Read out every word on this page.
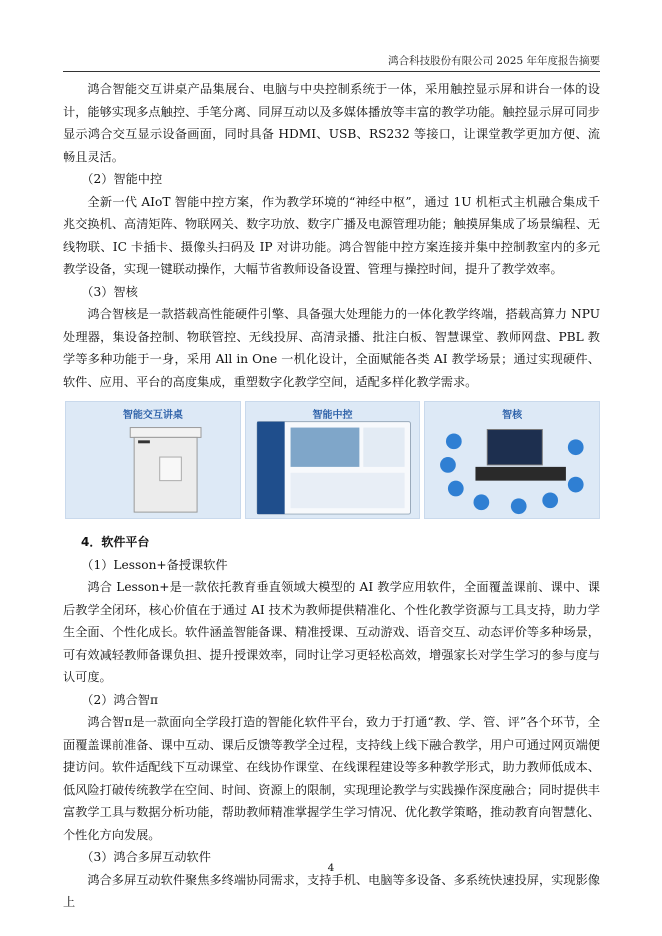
鸿合科技股份有限公司 2025 年年度报告摘要

鸿合智能交互讲桌产品集展台、电脑与中央控制系统于一体，采用触控显示屏和讲台一体的设计，能够实现多点触控、手笔分离、同屏互动以及多媒体播放等丰富的教学功能。触控显示屏可同步显示鸿合交互显示设备画面，同时具备 HDMI、USB、RS232 等接口，让课堂教学更加方便、流畅且灵活。

（2）智能中控

全新一代 AIoT 智能中控方案，作为教学环境的“神经中枢”，通过 1U 机柜式主机融合集成千兆交换机、高清矩阵、物联网关、数字功放、数字广播及电源管理功能；触摸屏集成了场景编程、无线物联、IC 卡插卡、摄像头扫码及 IP 对讲功能。鸿合智能中控方案连接并集中控制教室内的多元教学设备，实现一键联动操作，大幅节省教师设备设置、管理与操控时间，提升了教学效率。

（3）智核

鸿合智核是一款搭载高性能硬件引擎、具备强大处理能力的一体化教学终端，搭载高算力 NPU 处理器，集设备控制、物联管控、无线投屏、高清录播、批注白板、智慧课堂、教师网盘、PBL 教学等多种功能于一身，采用 All in One 一机化设计，全面赋能各类 AI 教学场景；通过实现硬件、软件、应用、平台的高度集成，重塑数字化教学空间，适配多样化教学需求。

智能交互讲桌	智能中控	智核

4．软件平台

（1）Lesson+备授课软件

鸿合 Lesson+是一款依托教育垂直领域大模型的 AI 教学应用软件，全面覆盖课前、课中、课后教学全闭环，核心价值在于通过 AI 技术为教师提供精准化、个性化教学资源与工具支持，助力学生全面、个性化成长。软件涵盖智能备课、精准授课、互动游戏、语音交互、动态评价等多种场景，可有效减轻教师备课负担、提升授课效率，同时让学习更轻松高效，增强家长对学生学习的参与度与认可度。

（2）鸿合智π

鸿合智π是一款面向全学段打造的智能化软件平台，致力于打通“教、学、管、评”各个环节，全面覆盖课前准备、课中互动、课后反馈等教学全过程，支持线上线下融合教学，用户可通过网页端便捷访问。软件适配线下互动课堂、在线协作课堂、在线课程建设等多种教学形式，助力教师低成本、低风险打破传统教学在空间、时间、资源上的限制，实现理论教学与实践操作深度融合；同时提供丰富教学工具与数据分析功能，帮助教师精准掌握学生学习情况、优化教学策略，推动教育向智慧化、个性化方向发展。

（3）鸿合多屏互动软件

鸿合多屏互动软件聚焦多终端协同需求，支持手机、电脑等多设备、多系统快速投屏，实现影像上

4
